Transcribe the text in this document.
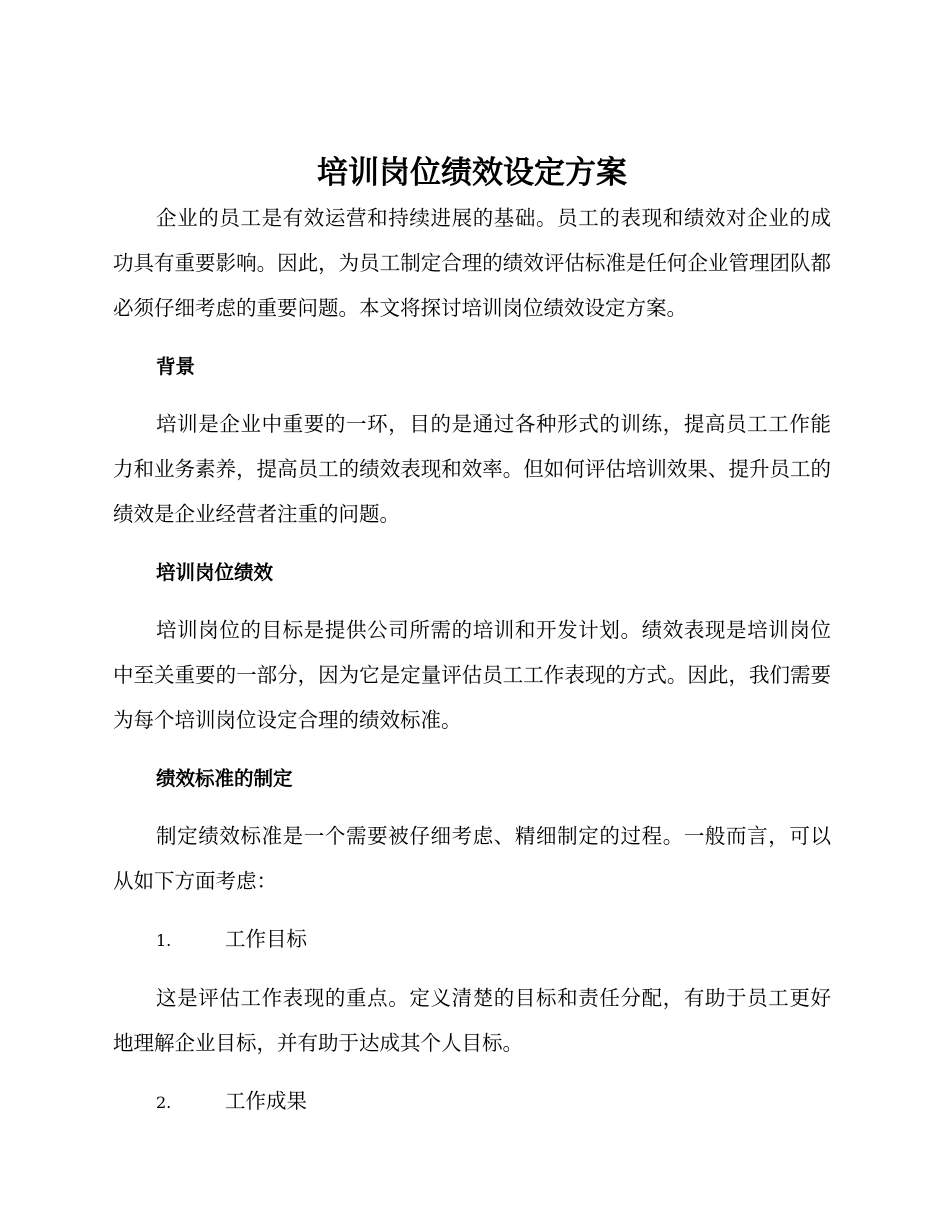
培训岗位绩效设定方案

企业的员工是有效运营和持续进展的基础。员工的表现和绩效对企业的成功具有重要影响。因此，为员工制定合理的绩效评估标准是任何企业管理团队都必须仔细考虑的重要问题。本文将探讨培训岗位绩效设定方案。

背景

培训是企业中重要的一环，目的是通过各种形式的训练，提高员工工作能力和业务素养，提高员工的绩效表现和效率。但如何评估培训效果、提升员工的绩效是企业经营者注重的问题。

培训岗位绩效

培训岗位的目标是提供公司所需的培训和开发计划。绩效表现是培训岗位中至关重要的一部分，因为它是定量评估员工工作表现的方式。因此，我们需要为每个培训岗位设定合理的绩效标准。

绩效标准的制定

制定绩效标准是一个需要被仔细考虑、精细制定的过程。一般而言，可以从如下方面考虑：

1.	工作目标

这是评估工作表现的重点。定义清楚的目标和责任分配，有助于员工更好地理解企业目标，并有助于达成其个人目标。

2.	工作成果
